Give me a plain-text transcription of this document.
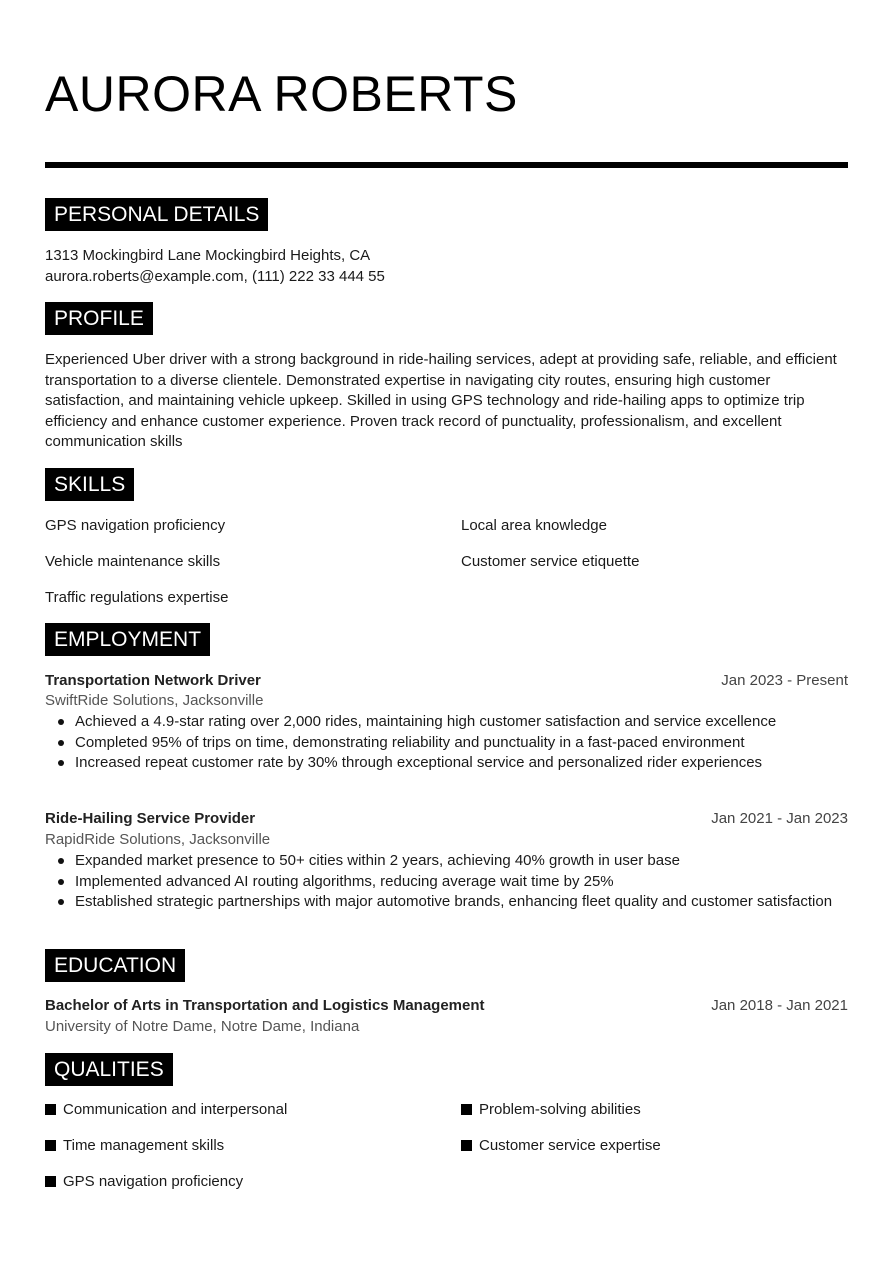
AURORA ROBERTS
PERSONAL DETAILS
1313 Mockingbird Lane Mockingbird Heights, CA
aurora.roberts@example.com, (111) 222 33 444 55
PROFILE
Experienced Uber driver with a strong background in ride-hailing services, adept at providing safe, reliable, and efficient transportation to a diverse clientele. Demonstrated expertise in navigating city routes, ensuring high customer satisfaction, and maintaining vehicle upkeep. Skilled in using GPS technology and ride-hailing apps to optimize trip efficiency and enhance customer experience. Proven track record of punctuality, professionalism, and excellent communication skills
SKILLS
GPS navigation proficiency	Local area knowledge
Vehicle maintenance skills	Customer service etiquette
Traffic regulations expertise
EMPLOYMENT
Transportation Network Driver	Jan 2023 - Present
SwiftRide Solutions, Jacksonville
Achieved a 4.9-star rating over 2,000 rides, maintaining high customer satisfaction and service excellence
Completed 95% of trips on time, demonstrating reliability and punctuality in a fast-paced environment
Increased repeat customer rate by 30% through exceptional service and personalized rider experiences
Ride-Hailing Service Provider	Jan 2021 - Jan 2023
RapidRide Solutions, Jacksonville
Expanded market presence to 50+ cities within 2 years, achieving 40% growth in user base
Implemented advanced AI routing algorithms, reducing average wait time by 25%
Established strategic partnerships with major automotive brands, enhancing fleet quality and customer satisfaction
EDUCATION
Bachelor of Arts in Transportation and Logistics Management	Jan 2018 - Jan 2021
University of Notre Dame, Notre Dame, Indiana
QUALITIES
Communication and interpersonal	Problem-solving abilities
Time management skills	Customer service expertise
GPS navigation proficiency
